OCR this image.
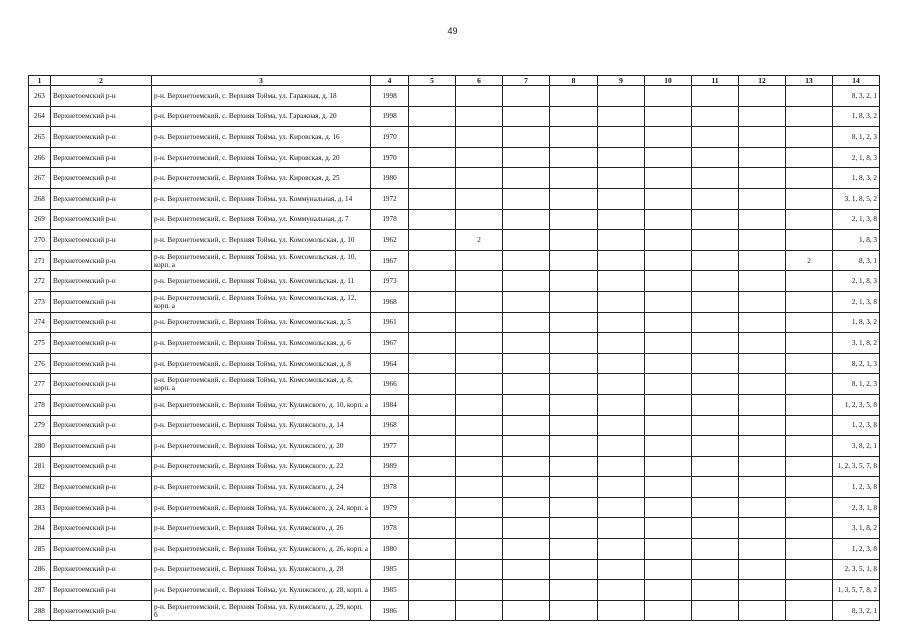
49
1	2	3	4	5	6	7	8	9	10	11	12	13	14
263	Верхнетоемский р-н	р-н. Верхнетоемский, с. Верхняя Тойма, ул. Гаражная, д. 18	1998										8, 3, 2, 1
264	Верхнетоемский р-н	р-н. Верхнетоемский, с. Верхняя Тойма, ул. Гаражная, д. 20	1998										1, 8, 3, 2
265	Верхнетоемский р-н	р-н. Верхнетоемский, с. Верхняя Тойма, ул. Кировская, д. 16	1970										8, 1, 2, 3
266	Верхнетоемский р-н	р-н. Верхнетоемский, с. Верхняя Тойма, ул. Кировская, д. 20	1970										2, 1, 8, 3
267	Верхнетоемский р-н	р-н. Верхнетоемский, с. Верхняя Тойма, ул. Кировская, д. 25	1980										1, 8, 3, 2
268	Верхнетоемский р-н	р-н. Верхнетоемский, с. Верхняя Тойма, ул. Коммунальная, д. 14	1972										3, 1, 8, 5, 2
269	Верхнетоемский р-н	р-н. Верхнетоемский, с. Верхняя Тойма, ул. Коммунальная, д. 7	1978										2, 1, 3, 8
270	Верхнетоемский р-н	р-н. Верхнетоемский, с. Верхняя Тойма, ул. Комсомольская, д. 10	1962		2								1, 8, 3
271	Верхнетоемский р-н	р-н. Верхнетоемский, с. Верхняя Тойма, ул. Комсомольская, д. 10, корп. а	1967									2	8, 3, 1
272	Верхнетоемский р-н	р-н. Верхнетоемский, с. Верхняя Тойма, ул. Комсомольская, д. 11	1973										2, 1, 8, 3
273	Верхнетоемский р-н	р-н. Верхнетоемский, с. Верхняя Тойма, ул. Комсомольская, д. 12, корп. а	1968										2, 1, 3, 8
274	Верхнетоемский р-н	р-н. Верхнетоемский, с. Верхняя Тойма, ул. Комсомольская, д. 5	1961										1, 8, 3, 2
275	Верхнетоемский р-н	р-н. Верхнетоемский, с. Верхняя Тойма, ул. Комсомольская, д. 6	1967										3, 1, 8, 2
276	Верхнетоемский р-н	р-н. Верхнетоемский, с. Верхняя Тойма, ул. Комсомольская, д. 8	1964										8, 2, 1, 3
277	Верхнетоемский р-н	р-н. Верхнетоемский, с. Верхняя Тойма, ул. Комсомольская, д. 8, корп. а	1966										8, 1, 2, 3
278	Верхнетоемский р-н	р-н. Верхнетоемский, с. Верхняя Тойма, ул. Кулижского, д. 10, корп. а	1984										1, 2, 3, 5, 8
279	Верхнетоемский р-н	р-н. Верхнетоемский, с. Верхняя Тойма, ул. Кулижского, д. 14	1968										1, 2, 3, 8
280	Верхнетоемский р-н	р-н. Верхнетоемский, с. Верхняя Тойма, ул. Кулижского, д. 20	1977										3, 8, 2, 1
281	Верхнетоемский р-н	р-н. Верхнетоемский, с. Верхняя Тойма, ул. Кулижского, д. 22	1989										1, 2, 3, 5, 7, 8
282	Верхнетоемский р-н	р-н. Верхнетоемский, с. Верхняя Тойма, ул. Кулижского, д. 24	1978										1, 2, 3, 8
283	Верхнетоемский р-н	р-н. Верхнетоемский, с. Верхняя Тойма, ул. Кулижского, д. 24, корп. а	1979										2, 3, 1, 8
284	Верхнетоемский р-н	р-н. Верхнетоемский, с. Верхняя Тойма, ул. Кулижского, д. 26	1978										3, 1, 8, 2
285	Верхнетоемский р-н	р-н. Верхнетоемский, с. Верхняя Тойма, ул. Кулижского, д. 26, корп. а	1980										1, 2, 3, 8
286	Верхнетоемский р-н	р-н. Верхнетоемский, с. Верхняя Тойма, ул. Кулижского, д. 28	1985										2, 3, 5, 1, 8
287	Верхнетоемский р-н	р-н. Верхнетоемский, с. Верхняя Тойма, ул. Кулижского, д. 28, корп. а	1985										1, 3, 5, 7, 8, 2
288	Верхнетоемский р-н	р-н. Верхнетоемский, с. Верхняя Тойма, ул. Кулижского, д. 29, корп. б	1986										8, 3, 2, 1
